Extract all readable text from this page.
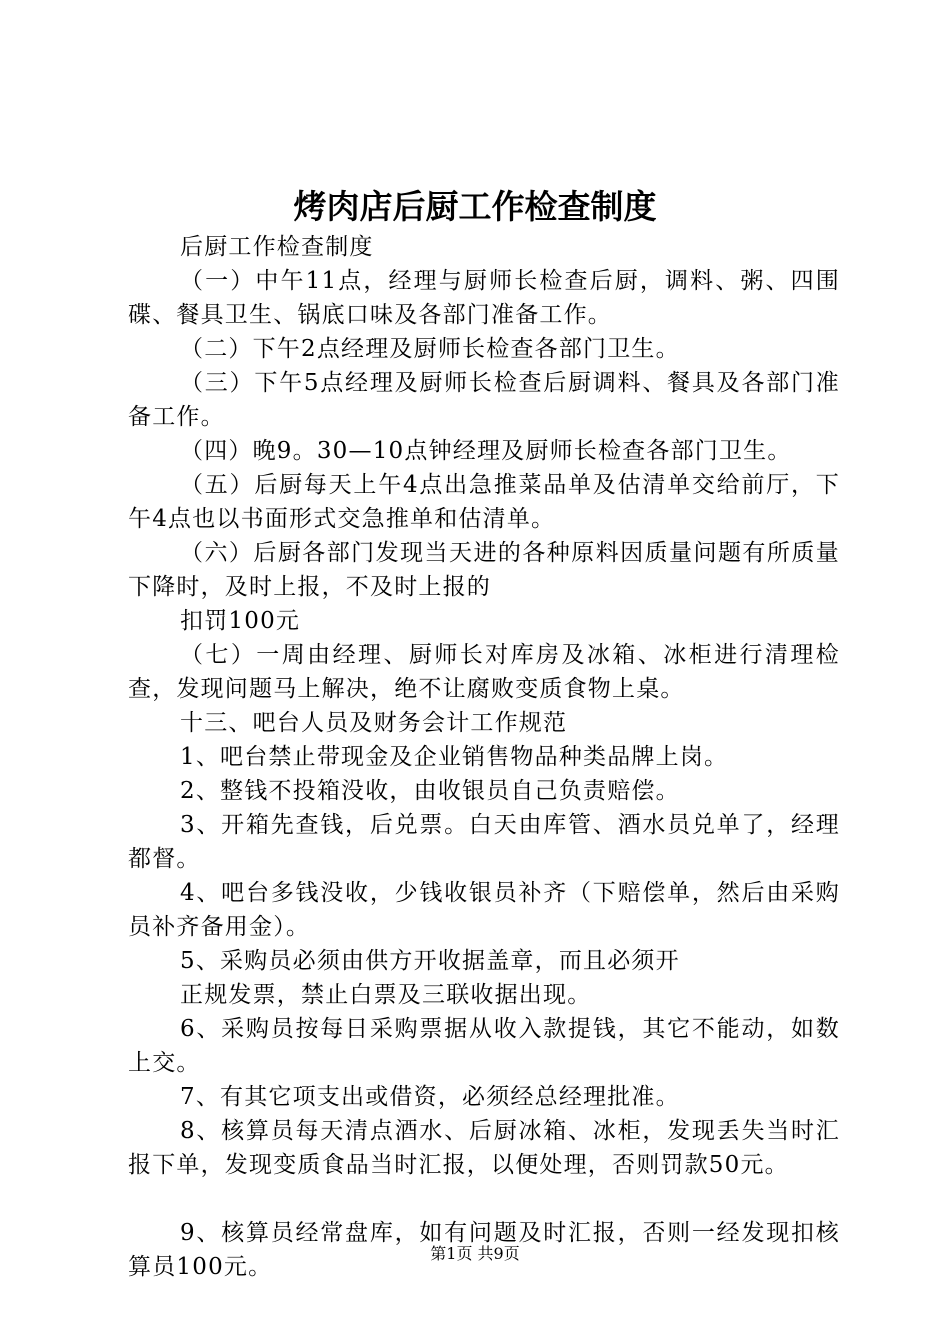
烤肉店后厨工作检查制度

后厨工作检查制度

（一）中午11点，经理与厨师长检查后厨，调料、粥、四围碟、餐具卫生、锅底口味及各部门准备工作。

（二）下午2点经理及厨师长检查各部门卫生。

（三）下午5点经理及厨师长检查后厨调料、餐具及各部门准备工作。

（四）晚9。30—10点钟经理及厨师长检查各部门卫生。

（五）后厨每天上午4点出急推菜品单及估清单交给前厅，下午4点也以书面形式交急推单和估清单。

（六）后厨各部门发现当天进的各种原料因质量问题有所质量下降时，及时上报，不及时上报的

扣罚100元

（七）一周由经理、厨师长对库房及冰箱、冰柜进行清理检查，发现问题马上解决，绝不让腐败变质食物上桌。

十三、吧台人员及财务会计工作规范

1、吧台禁止带现金及企业销售物品种类品牌上岗。

2、整钱不投箱没收，由收银员自己负责赔偿。

3、开箱先查钱，后兑票。白天由库管、酒水员兑单了，经理都督。

4、吧台多钱没收，少钱收银员补齐（下赔偿单，然后由采购员补齐备用金）。

5、采购员必须由供方开收据盖章，而且必须开

正规发票，禁止白票及三联收据出现。

6、采购员按每日采购票据从收入款提钱，其它不能动，如数上交。

7、有其它项支出或借资，必须经总经理批准。

8、核算员每天清点酒水、后厨冰箱、冰柜，发现丢失当时汇报下单，发现变质食品当时汇报，以便处理，否则罚款50元。

9、核算员经常盘库，如有问题及时汇报，否则一经发现扣核算员100元。

第1页 共9页
